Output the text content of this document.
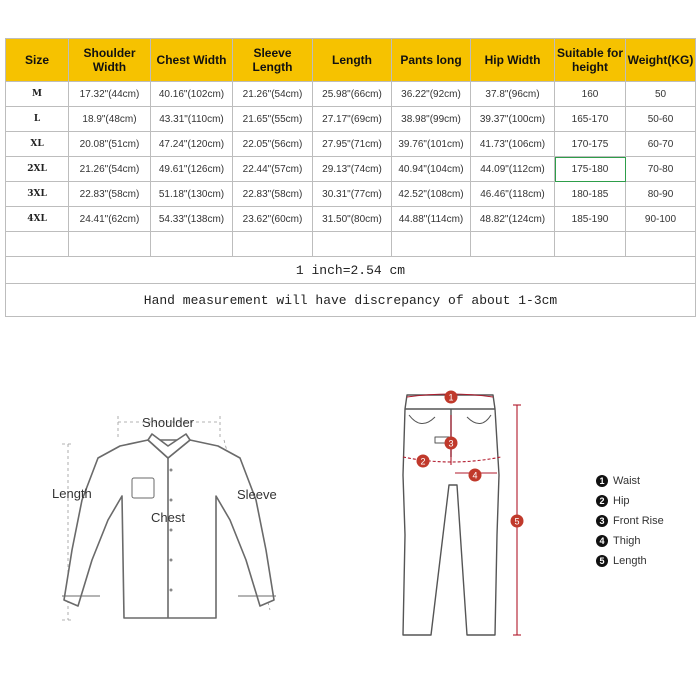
Size	Shoulder Width	Chest Width	Sleeve Length	Length	Pants long	Hip Width	Suitable for height	Weight(KG)
M	17.32"(44cm)	40.16"(102cm)	21.26"(54cm)	25.98"(66cm)	36.22"(92cm)	37.8"(96cm)	160	50
L	18.9"(48cm)	43.31"(110cm)	21.65"(55cm)	27.17"(69cm)	38.98"(99cm)	39.37"(100cm)	165-170	50-60
XL	20.08"(51cm)	47.24"(120cm)	22.05"(56cm)	27.95"(71cm)	39.76"(101cm)	41.73"(106cm)	170-175	60-70
2XL	21.26"(54cm)	49.61"(126cm)	22.44"(57cm)	29.13"(74cm)	40.94"(104cm)	44.09"(112cm)	175-180	70-80
3XL	22.83"(58cm)	51.18"(130cm)	22.83"(58cm)	30.31"(77cm)	42.52"(108cm)	46.46"(118cm)	180-185	80-90
4XL	24.41"(62cm)	54.33"(138cm)	23.62"(60cm)	31.50"(80cm)	44.88"(114cm)	48.82"(124cm)	185-190	90-100

1 inch=2.54 cm								
Hand measurement will have discrepancy of about 1-3cm								
Shoulder
Length
Chest
Sleeve
1
2
3
4
5
1 Waist
2 Hip
3 Front Rise
4 Thigh
5 Length
